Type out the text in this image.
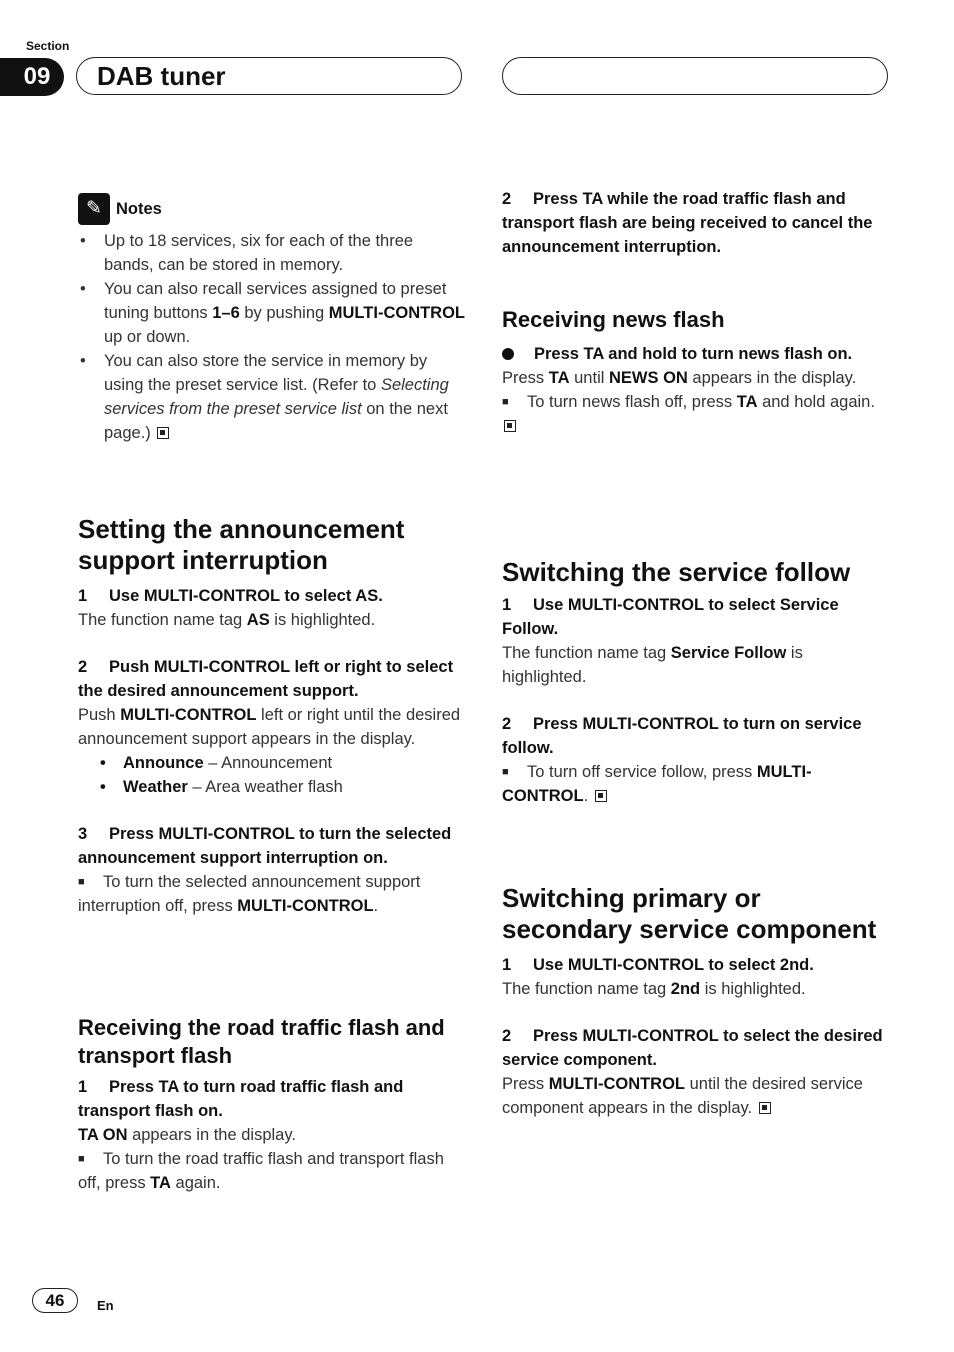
Section
09	DAB tuner
✎ Notes
• Up to 18 services, six for each of the three bands, can be stored in memory.
• You can also recall services assigned to preset tuning buttons 1–6 by pushing MULTI-CONTROL up or down.
• You can also store the service in memory by using the preset service list. (Refer to Selecting services from the preset service list on the next page.)
Setting the announcement support interruption

1 Use MULTI-CONTROL to select AS.

The function name tag AS is highlighted.

2 Push MULTI-CONTROL left or right to select the desired announcement support.

Push MULTI-CONTROL left or right until the desired announcement support appears in the display.

• Announce – Announcement
• Weather – Area weather flash

3 Press MULTI-CONTROL to turn the selected announcement support interruption on.

■ To turn the selected announcement support interruption off, press MULTI-CONTROL.

Receiving the road traffic flash and transport flash

1 Press TA to turn road traffic flash and transport flash on.

TA ON appears in the display.

■ To turn the road traffic flash and transport flash off, press TA again.

2 Press TA while the road traffic flash and transport flash are being received to cancel the announcement interruption.

Receiving news flash

Press TA and hold to turn news flash on.

Press TA until NEWS ON appears in the display.

■ To turn news flash off, press TA and hold again.

Switching the service follow

1 Use MULTI-CONTROL to select Service Follow.

The function name tag Service Follow is highlighted.

2 Press MULTI-CONTROL to turn on service follow.

■ To turn off service follow, press MULTI-CONTROL.

Switching primary or secondary service component

1 Use MULTI-CONTROL to select 2nd.

The function name tag 2nd is highlighted.

2 Press MULTI-CONTROL to select the desired service component.

Press MULTI-CONTROL until the desired service component appears in the display.

46	En
